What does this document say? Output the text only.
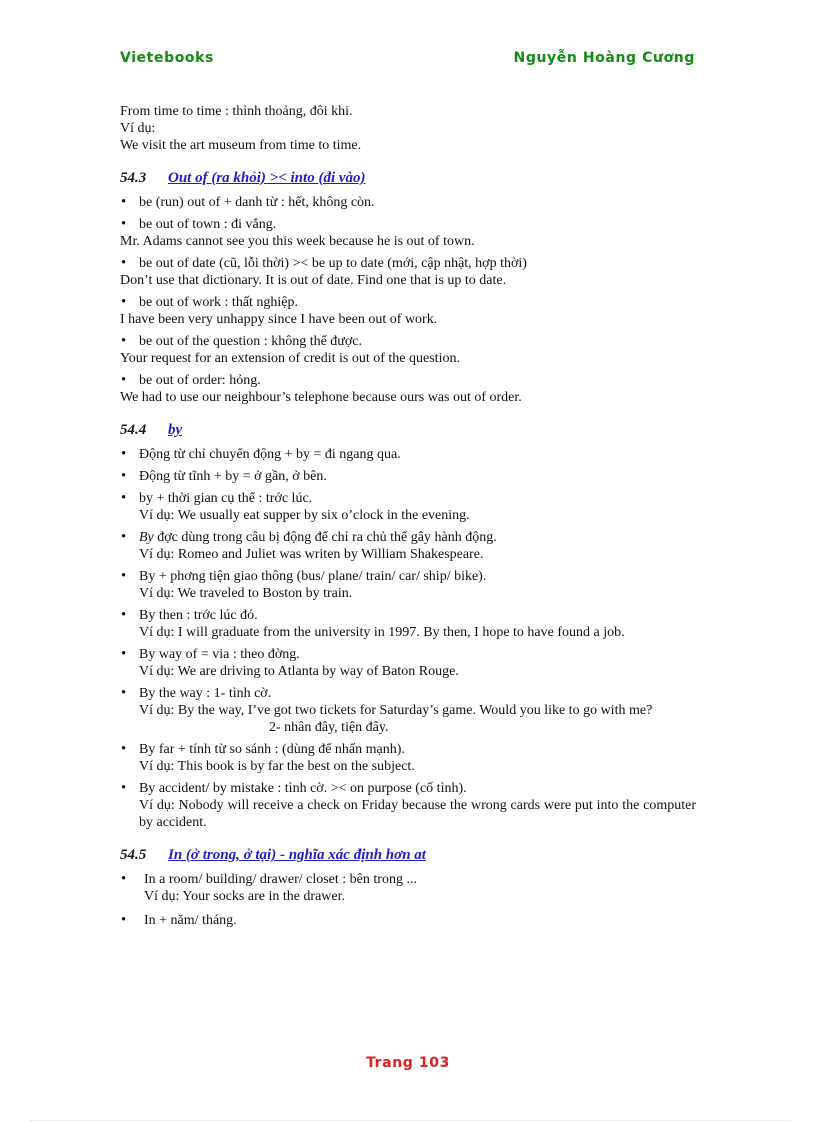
Vietebooks	Nguyễn Hoàng Cương

From time to time : thỉnh thoảng, đôi khi.

Ví dụ:

We visit the art museum from time to time.

54.3 Out of (ra khỏi) >< into (đi vào)
• be (run) out of + danh từ : hết, không còn.
• be out of town : đi vắng.

Mr. Adams cannot see you this week because he is out of town.

• be out of date (cũ, lỗi thời) >< be up to date (mới, cập nhật, hợp thời)

Don’t use that dictionary. It is out of date. Find one that is up to date.

• be out of work : thất nghiệp.

I have been very unhappy since I have been out of work.

• be out of the question : không thể được.

Your request for an extension of credit is out of the question.

• be out of order: hỏng.

We had to use our neighbour’s telephone because ours was out of order.

54.4 by
• Động từ chỉ chuyển động + by = đi ngang qua.
• Động từ tĩnh + by = ở gần, ở bên.
• by + thời gian cụ thể : trớc lúc.
Ví dụ: We usually eat supper by six o’clock in the evening.
• By đợc dùng trong câu bị động để chỉ ra chủ thể gây hành động.
Ví dụ: Romeo and Juliet was writen by William Shakespeare.
• By + phơng tiện giao thông (bus/ plane/ train/ car/ ship/ bike).
Ví dụ: We traveled to Boston by train.
• By then : trớc lúc đó.
Ví dụ: I will graduate from the university in 1997. By then, I hope to have found a job.
• By way of = via : theo đờng.
Ví dụ: We are driving to Atlanta by way of Baton Rouge.
• By the way : 1- tình cờ.
Ví dụ: By the way, I’ve got two tickets for Saturday’s game. Would you like to go with me?
2- nhân đây, tiện đây.
• By far + tính từ so sánh : (dùng để nhấn mạnh).
Ví dụ: This book is by far the best on the subject.
• By accident/ by mistake : tình cờ. >< on purpose (cố tình).
Ví dụ: Nobody will receive a check on Friday because the wrong cards were put into the computer by accident.
54.5 In (ở trong, ở tại) - nghĩa xác định hơn at
• In a room/ building/ drawer/ closet : bên trong ...
Ví dụ: Your socks are in the drawer.
• In + năm/ tháng.
Trang 103
